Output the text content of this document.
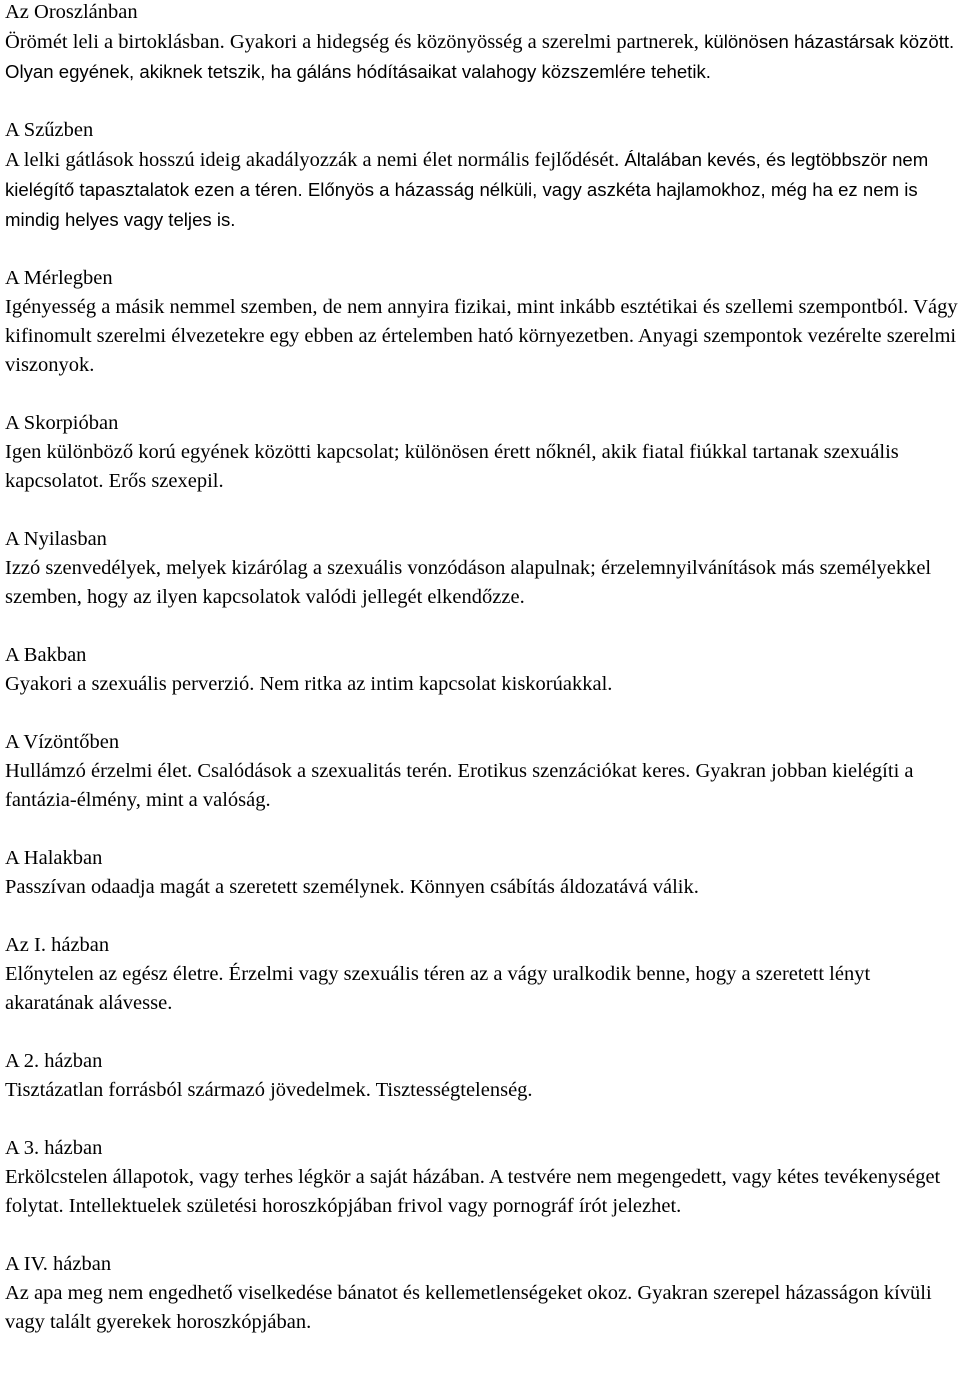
Az Oroszlánban
Örömét leli a birtoklásban. Gyakori a hidegség és közönyösség a szerelmi partnerek, különösen házastársak között. Olyan egyének, akiknek tetszik, ha gáláns hódításaikat valahogy közszemlére tehetik.
A Szűzben
A lelki gátlások hosszú ideig akadályozzák a nemi élet normális fejlődését. Általában kevés, és legtöbbször nem kielégítő tapasztalatok ezen a téren. Előnyös a házasság nélküli, vagy aszkéta hajlamokhoz, még ha ez nem is mindig helyes vagy teljes is.
A Mérlegben
Igényesség a másik nemmel szemben, de nem annyira fizikai, mint inkább esztétikai és szellemi szempontból. Vágy kifinomult szerelmi élvezetekre egy ebben az értelemben ható környezetben. Anyagi szempontok vezérelte szerelmi viszonyok.
A Skorpióban
Igen különböző korú egyének közötti kapcsolat; különösen érett nőknél, akik fiatal fiúkkal tartanak szexuális kapcsolatot. Erős szexepil.
A Nyilasban
Izzó szenvedélyek, melyek kizárólag a szexuális vonzódáson alapulnak; érzelemnyilvánítások más személyekkel szemben, hogy az ilyen kapcsolatok valódi jellegét elkendőzze.
A Bakban
Gyakori a szexuális perverzió. Nem ritka az intim kapcsolat kiskorúakkal.
A Vízöntőben
Hullámzó érzelmi élet. Csalódások a szexualitás terén. Erotikus szenzációkat keres. Gyakran jobban kielégíti a fantázia-élmény, mint a valóság.
A Halakban
Passzívan odaadja magát a szeretett személynek. Könnyen csábítás áldozatává válik.
Az I. házban
Előnytelen az egész életre. Érzelmi vagy szexuális téren az a vágy uralkodik benne, hogy a szeretett lényt akaratának alávesse.
A 2. házban
Tisztázatlan forrásból származó jövedelmek. Tisztességtelenség.
A 3. házban
Erkölcstelen állapotok, vagy terhes légkör a saját házában. A testvére nem megengedett, vagy kétes tevékenységet folytat. Intellektuelek születési horoszkópjában frivol vagy pornográf írót jelezhet.
A IV. házban
Az apa meg nem engedhető viselkedése bánatot és kellemetlenségeket okoz. Gyakran szerepel házasságon kívüli vagy talált gyerekek horoszkópjában.
